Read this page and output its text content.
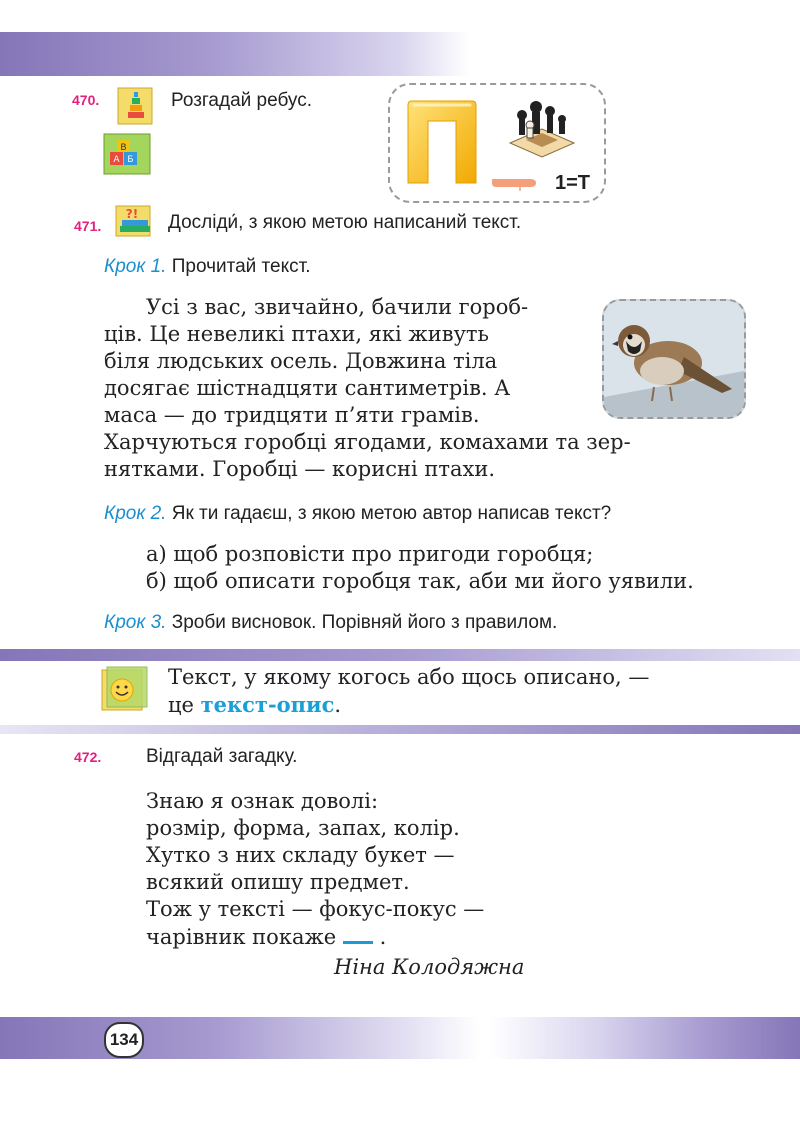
470.
А Б
В
Розгадай ребус.
1=Т
471.
?! Досліди́, з якою метою написаний текст.
Крок 1. Прочитай текст.
Усі з вас, звичайно, бачили гороб-
ців. Це невеликі птахи, які живуть
біля людських осель. Довжина тіла
досягає шістнадцяти сантиметрів. А
маса — до тридцяти п’яти грамів.
Харчуються горобці ягодами, комахами та зер-
нятками. Горобці — корисні птахи.
Крок 2. Як ти гадаєш, з якою метою автор написав текст?
а) щоб розповісти про пригоди горобця;
б) щоб описати горобця так, аби ми його уявили.
Крок 3. Зроби висновок. Порівняй його з правилом.
Текст, у якому когось або щось описано, —
це текст-опис.
472. Відгадай загадку.
Знаю я ознак доволі:
розмір, форма, запах, колір.
Хутко з них складу букет —
всякий опишу предмет.
Тож у тексті — фокус-покус —
чарівник покаже .
Ніна Колодяжна
134
